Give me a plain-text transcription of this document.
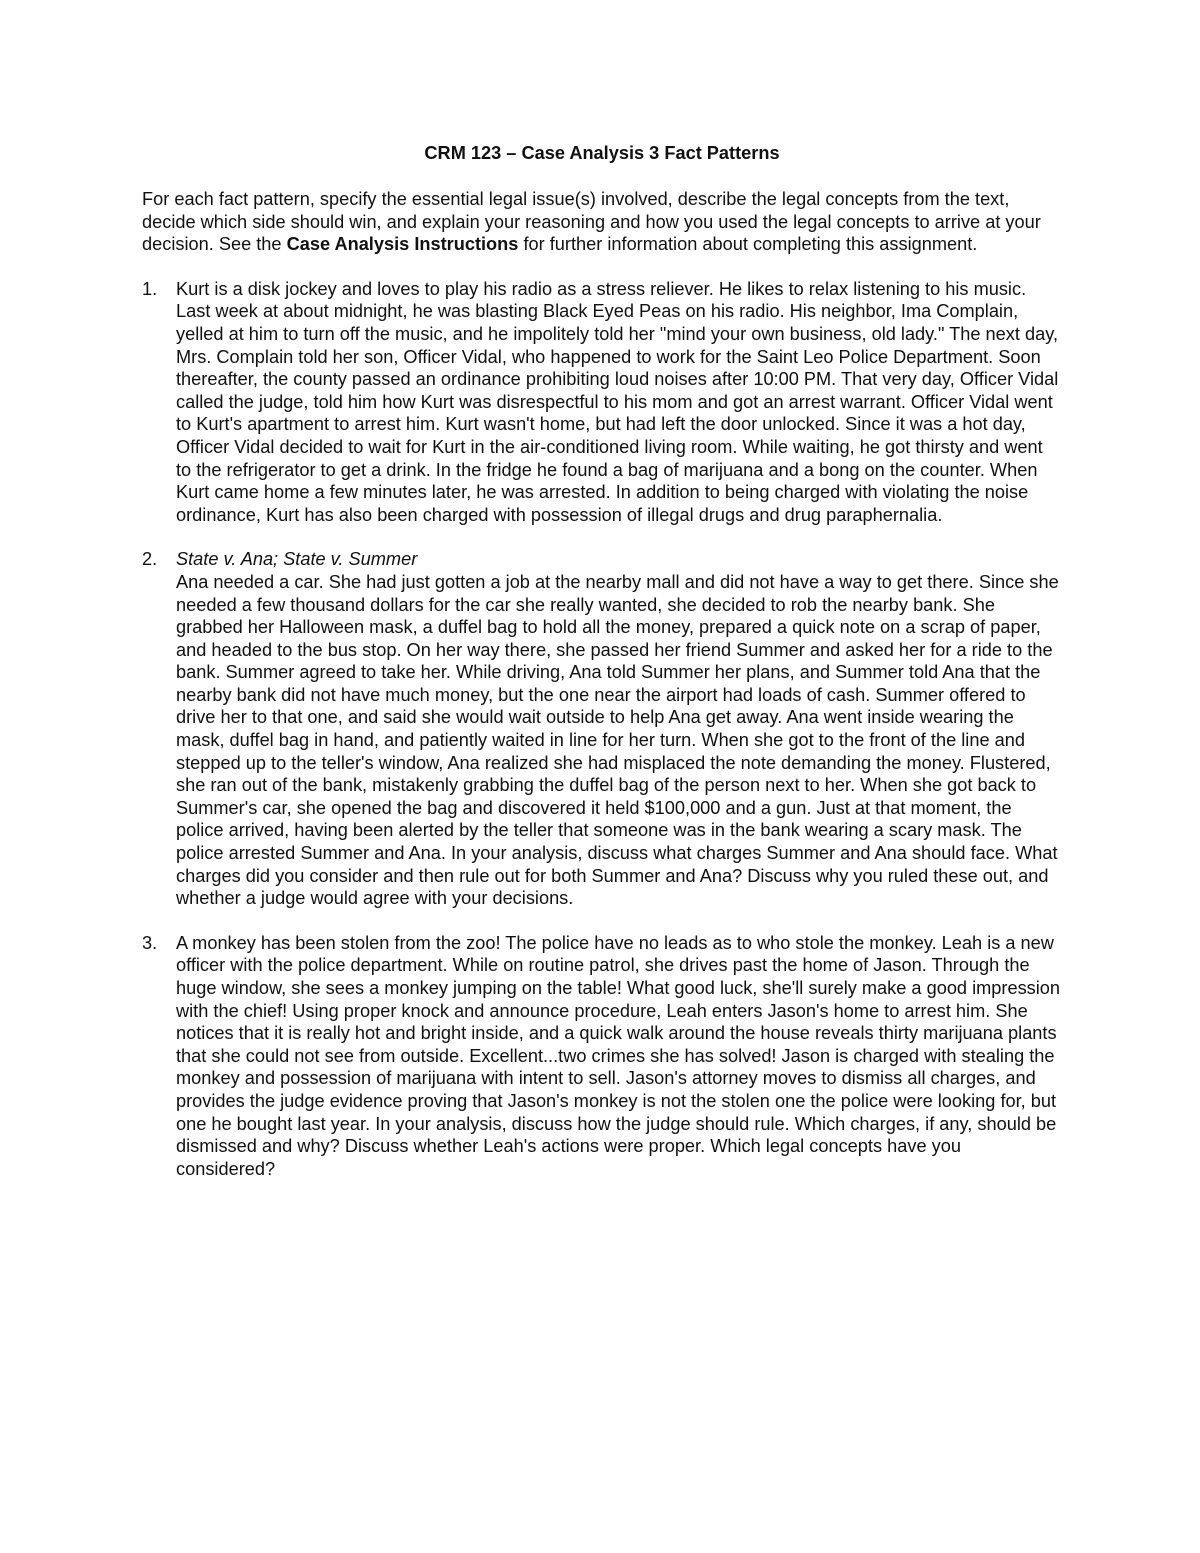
CRM 123 – Case Analysis 3 Fact Patterns

For each fact pattern, specify the essential legal issue(s) involved, describe the legal concepts from the text, decide which side should win, and explain your reasoning and how you used the legal concepts to arrive at your decision. See the Case Analysis Instructions for further information about completing this assignment.

1. Kurt is a disk jockey and loves to play his radio as a stress reliever. He likes to relax listening to his music. Last week at about midnight, he was blasting Black Eyed Peas on his radio. His neighbor, Ima Complain, yelled at him to turn off the music, and he impolitely told her "mind your own business, old lady." The next day, Mrs. Complain told her son, Officer Vidal, who happened to work for the Saint Leo Police Department. Soon thereafter, the county passed an ordinance prohibiting loud noises after 10:00 PM. That very day, Officer Vidal called the judge, told him how Kurt was disrespectful to his mom and got an arrest warrant. Officer Vidal went to Kurt's apartment to arrest him. Kurt wasn't home, but had left the door unlocked. Since it was a hot day, Officer Vidal decided to wait for Kurt in the air-conditioned living room. While waiting, he got thirsty and went to the refrigerator to get a drink. In the fridge he found a bag of marijuana and a bong on the counter. When Kurt came home a few minutes later, he was arrested. In addition to being charged with violating the noise ordinance, Kurt has also been charged with possession of illegal drugs and drug paraphernalia.
2. State v. Ana; State v. Summer
Ana needed a car. She had just gotten a job at the nearby mall and did not have a way to get there. Since she needed a few thousand dollars for the car she really wanted, she decided to rob the nearby bank. She grabbed her Halloween mask, a duffel bag to hold all the money, prepared a quick note on a scrap of paper, and headed to the bus stop. On her way there, she passed her friend Summer and asked her for a ride to the bank. Summer agreed to take her. While driving, Ana told Summer her plans, and Summer told Ana that the nearby bank did not have much money, but the one near the airport had loads of cash. Summer offered to drive her to that one, and said she would wait outside to help Ana get away. Ana went inside wearing the mask, duffel bag in hand, and patiently waited in line for her turn. When she got to the front of the line and stepped up to the teller's window, Ana realized she had misplaced the note demanding the money. Flustered, she ran out of the bank, mistakenly grabbing the duffel bag of the person next to her. When she got back to Summer's car, she opened the bag and discovered it held $100,000 and a gun. Just at that moment, the police arrived, having been alerted by the teller that someone was in the bank wearing a scary mask. The police arrested Summer and Ana. In your analysis, discuss what charges Summer and Ana should face. What charges did you consider and then rule out for both Summer and Ana? Discuss why you ruled these out, and whether a judge would agree with your decisions.
3. A monkey has been stolen from the zoo! The police have no leads as to who stole the monkey. Leah is a new officer with the police department. While on routine patrol, she drives past the home of Jason. Through the huge window, she sees a monkey jumping on the table! What good luck, she'll surely make a good impression with the chief! Using proper knock and announce procedure, Leah enters Jason's home to arrest him. She notices that it is really hot and bright inside, and a quick walk around the house reveals thirty marijuana plants that she could not see from outside. Excellent...two crimes she has solved! Jason is charged with stealing the monkey and possession of marijuana with intent to sell. Jason's attorney moves to dismiss all charges, and provides the judge evidence proving that Jason's monkey is not the stolen one the police were looking for, but one he bought last year. In your analysis, discuss how the judge should rule. Which charges, if any, should be dismissed and why? Discuss whether Leah's actions were proper. Which legal concepts have you considered?
